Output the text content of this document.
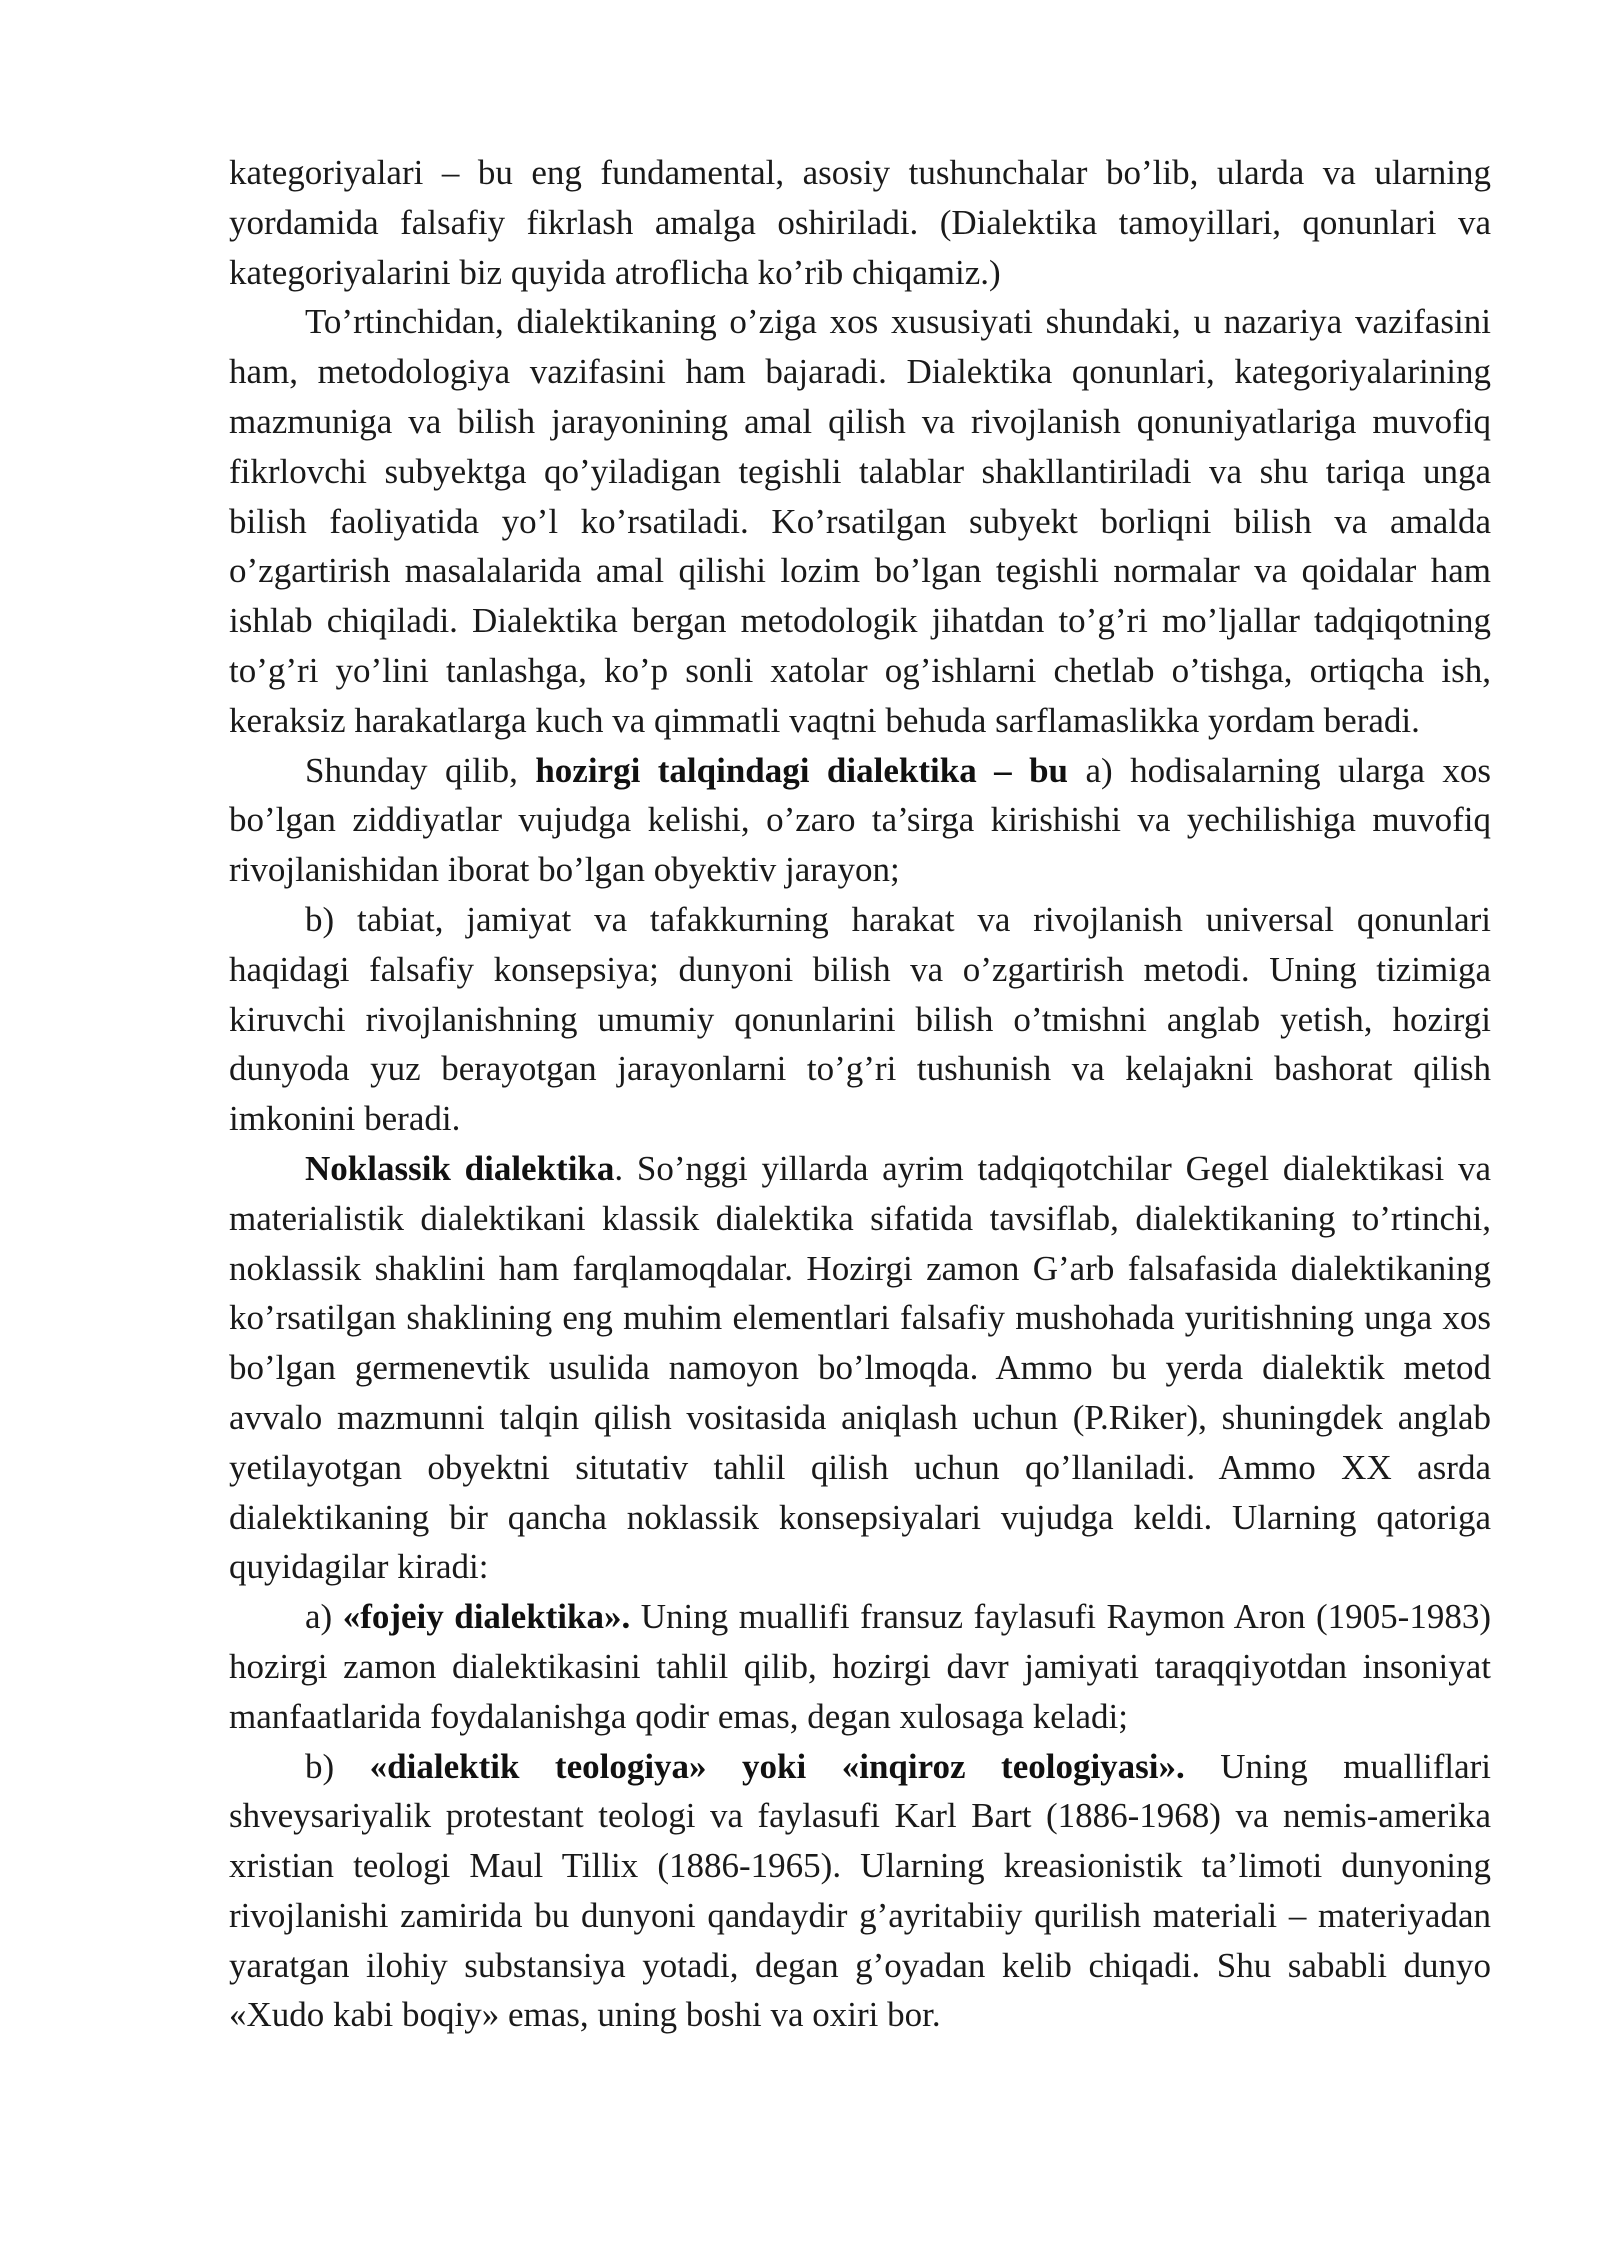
kategoriyalari – bu eng fundamental, asosiy tushunchalar bo’lib, ularda va ularning yordamida falsafiy fikrlash amalga oshiriladi. (Dialektika tamoyillari, qonunlari va kategoriyalarini biz quyida atroflicha ko’rib chiqamiz.)

To’rtinchidan, dialektikaning o’ziga xos xususiyati shundaki, u nazariya vazifasini ham, metodologiya vazifasini ham bajaradi. Dialektika qonunlari, kategoriyalarining mazmuniga va bilish jarayonining amal qilish va rivojlanish qonuniyatlariga muvofiq fikrlovchi subyektga qo’yiladigan tegishli talablar shakllantiriladi va shu tariqa unga bilish faoliyatida yo’l ko’rsatiladi. Ko’rsatilgan subyekt borliqni bilish va amalda o’zgartirish masalalarida amal qilishi lozim bo’lgan tegishli normalar va qoidalar ham ishlab chiqiladi. Dialektika bergan metodologik jihatdan to’g’ri mo’ljallar tadqiqotning to’g’ri yo’lini tanlashga, ko’p sonli xatolar og’ishlarni chetlab o’tishga, ortiqcha ish, keraksiz harakatlarga kuch va qimmatli vaqtni behuda sarflamaslikka yordam beradi.

Shunday qilib, hozirgi talqindagi dialektika – bu a) hodisalarning ularga xos bo’lgan ziddiyatlar vujudga kelishi, o’zaro ta’sirga kirishishi va yechilishiga muvofiq rivojlanishidan iborat bo’lgan obyektiv jarayon;

b) tabiat, jamiyat va tafakkurning harakat va rivojlanish universal qonunlari haqidagi falsafiy konsepsiya; dunyoni bilish va o’zgartirish metodi. Uning tizimiga kiruvchi rivojlanishning umumiy qonunlarini bilish o’tmishni anglab yetish, hozirgi dunyoda yuz berayotgan jarayonlarni to’g’ri tushunish va kelajakni bashorat qilish imkonini beradi.

Noklassik dialektika. So’nggi yillarda ayrim tadqiqotchilar Gegel dialektikasi va materialistik dialektikani klassik dialektika sifatida tavsiflab, dialektikaning to’rtinchi, noklassik shaklini ham farqlamoqdalar. Hozirgi zamon G’arb falsafasida dialektikaning ko’rsatilgan shaklining eng muhim elementlari falsafiy mushohada yuritishning unga xos bo’lgan germenevtik usulida namoyon bo’lmoqda. Ammo bu yerda dialektik metod avvalo mazmunni talqin qilish vositasida aniqlash uchun (P.Riker), shuningdek anglab yetilayotgan obyektni situtativ tahlil qilish uchun qo’llaniladi. Ammo XX asrda dialektikaning bir qancha noklassik konsepsiyalari vujudga keldi. Ularning qatoriga quyidagilar kiradi:

a) «fojeiy dialektika». Uning muallifi fransuz faylasufi Raymon Aron (1905-1983) hozirgi zamon dialektikasini tahlil qilib, hozirgi davr jamiyati taraqqiyotdan insoniyat manfaatlarida foydalanishga qodir emas, degan xulosaga keladi;

b) «dialektik teologiya» yoki «inqiroz teologiyasi». Uning mualliflari shveysariyalik protestant teologi va faylasufi Karl Bart (1886-1968) va nemis-amerika xristian teologi Maul Tillix (1886-1965). Ularning kreasionistik ta’limoti dunyoning rivojlanishi zamirida bu dunyoni qandaydir g’ayritabiiy qurilish materiali – materiyadan yaratgan ilohiy substansiya yotadi, degan g’oyadan kelib chiqadi. Shu sababli dunyo «Xudo kabi boqiy» emas, uning boshi va oxiri bor.
